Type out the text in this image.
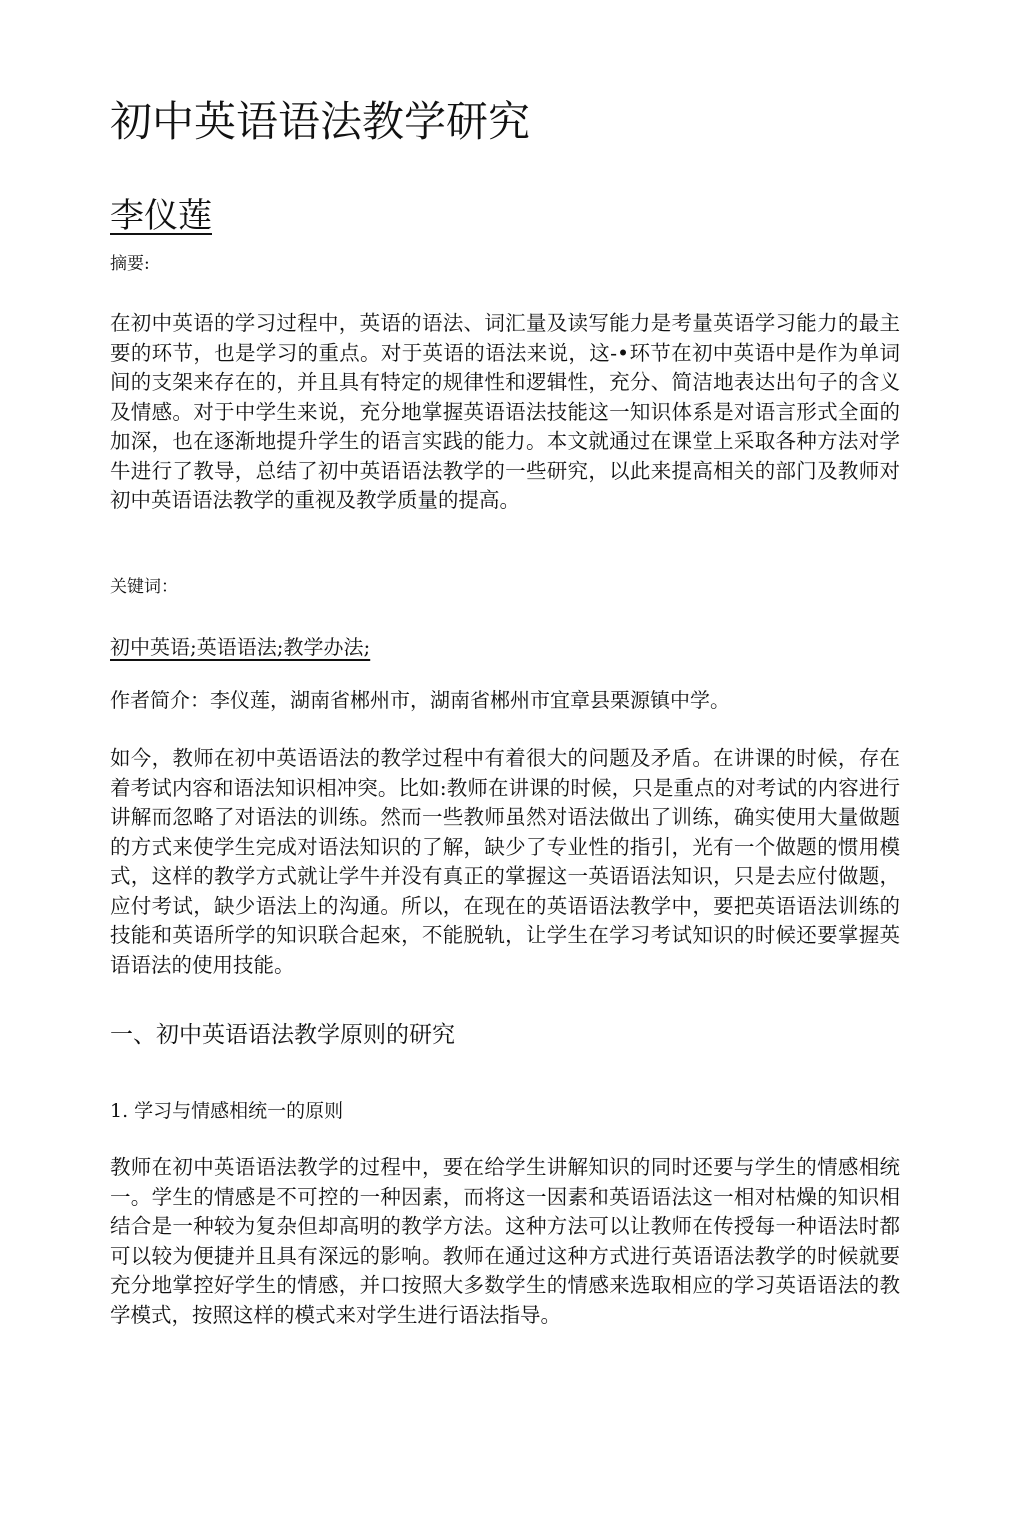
初中英语语法教学研究
李仪莲
摘要:

在初中英语的学习过程中，英语的语法、词汇量及读写能力是考量英语学习能力的最主要的环节，也是学习的重点。对于英语的语法来说，这-•环节在初中英语中是作为单词间的支架来存在的，并且具有特定的规律性和逻辑性，充分、简洁地表达出句子的含义及情感。对于中学生来说，充分地掌握英语语法技能这一知识体系是对语言形式全面的加深，也在逐渐地提升学生的语言实践的能力。本文就通过在课堂上采取各种方法对学牛进行了教导，总结了初中英语语法教学的一些研究，以此来提高相关的部门及教师对初中英语语法教学的重视及教学质量的提高。

关键词：
初中英语;英语语法;教学办法;
作者简介：李仪莲，湖南省郴州市，湖南省郴州市宜章县栗源镇中学。

如今，教师在初中英语语法的教学过程中有着很大的问题及矛盾。在讲课的时候，存在着考试内容和语法知识相冲突。比如:教师在讲课的时候，只是重点的对考试的内容进行讲解而忽略了对语法的训练。然而一些教师虽然对语法做出了训练，确实使用大量做题的方式来使学生完成对语法知识的了解，缺少了专业性的指引，光有一个做题的惯用模式，这样的教学方式就让学牛并没有真正的掌握这一英语语法知识，只是去应付做题，应付考试，缺少语法上的沟通。所以，在现在的英语语法教学中，要把英语语法训练的技能和英语所学的知识联合起來，不能脱轨，让学生在学习考试知识的时候还要掌握英语语法的使用技能。

一、初中英语语法教学原则的研究
1. 学习与情感相统一的原则

教师在初中英语语法教学的过程中，要在给学生讲解知识的同时还要与学生的情感相统一。学生的情感是不可控的一种因素，而将这一因素和英语语法这一相对枯燥的知识相结合是一种较为复杂但却高明的教学方法。这种方法可以让教师在传授每一种语法时都可以较为便捷并且具有深远的影响。教师在通过这种方式进行英语语法教学的时候就要充分地掌控好学生的情感，并口按照大多数学生的情感来选取相应的学习英语语法的教学模式，按照这样的模式来对学生进行语法指导。
